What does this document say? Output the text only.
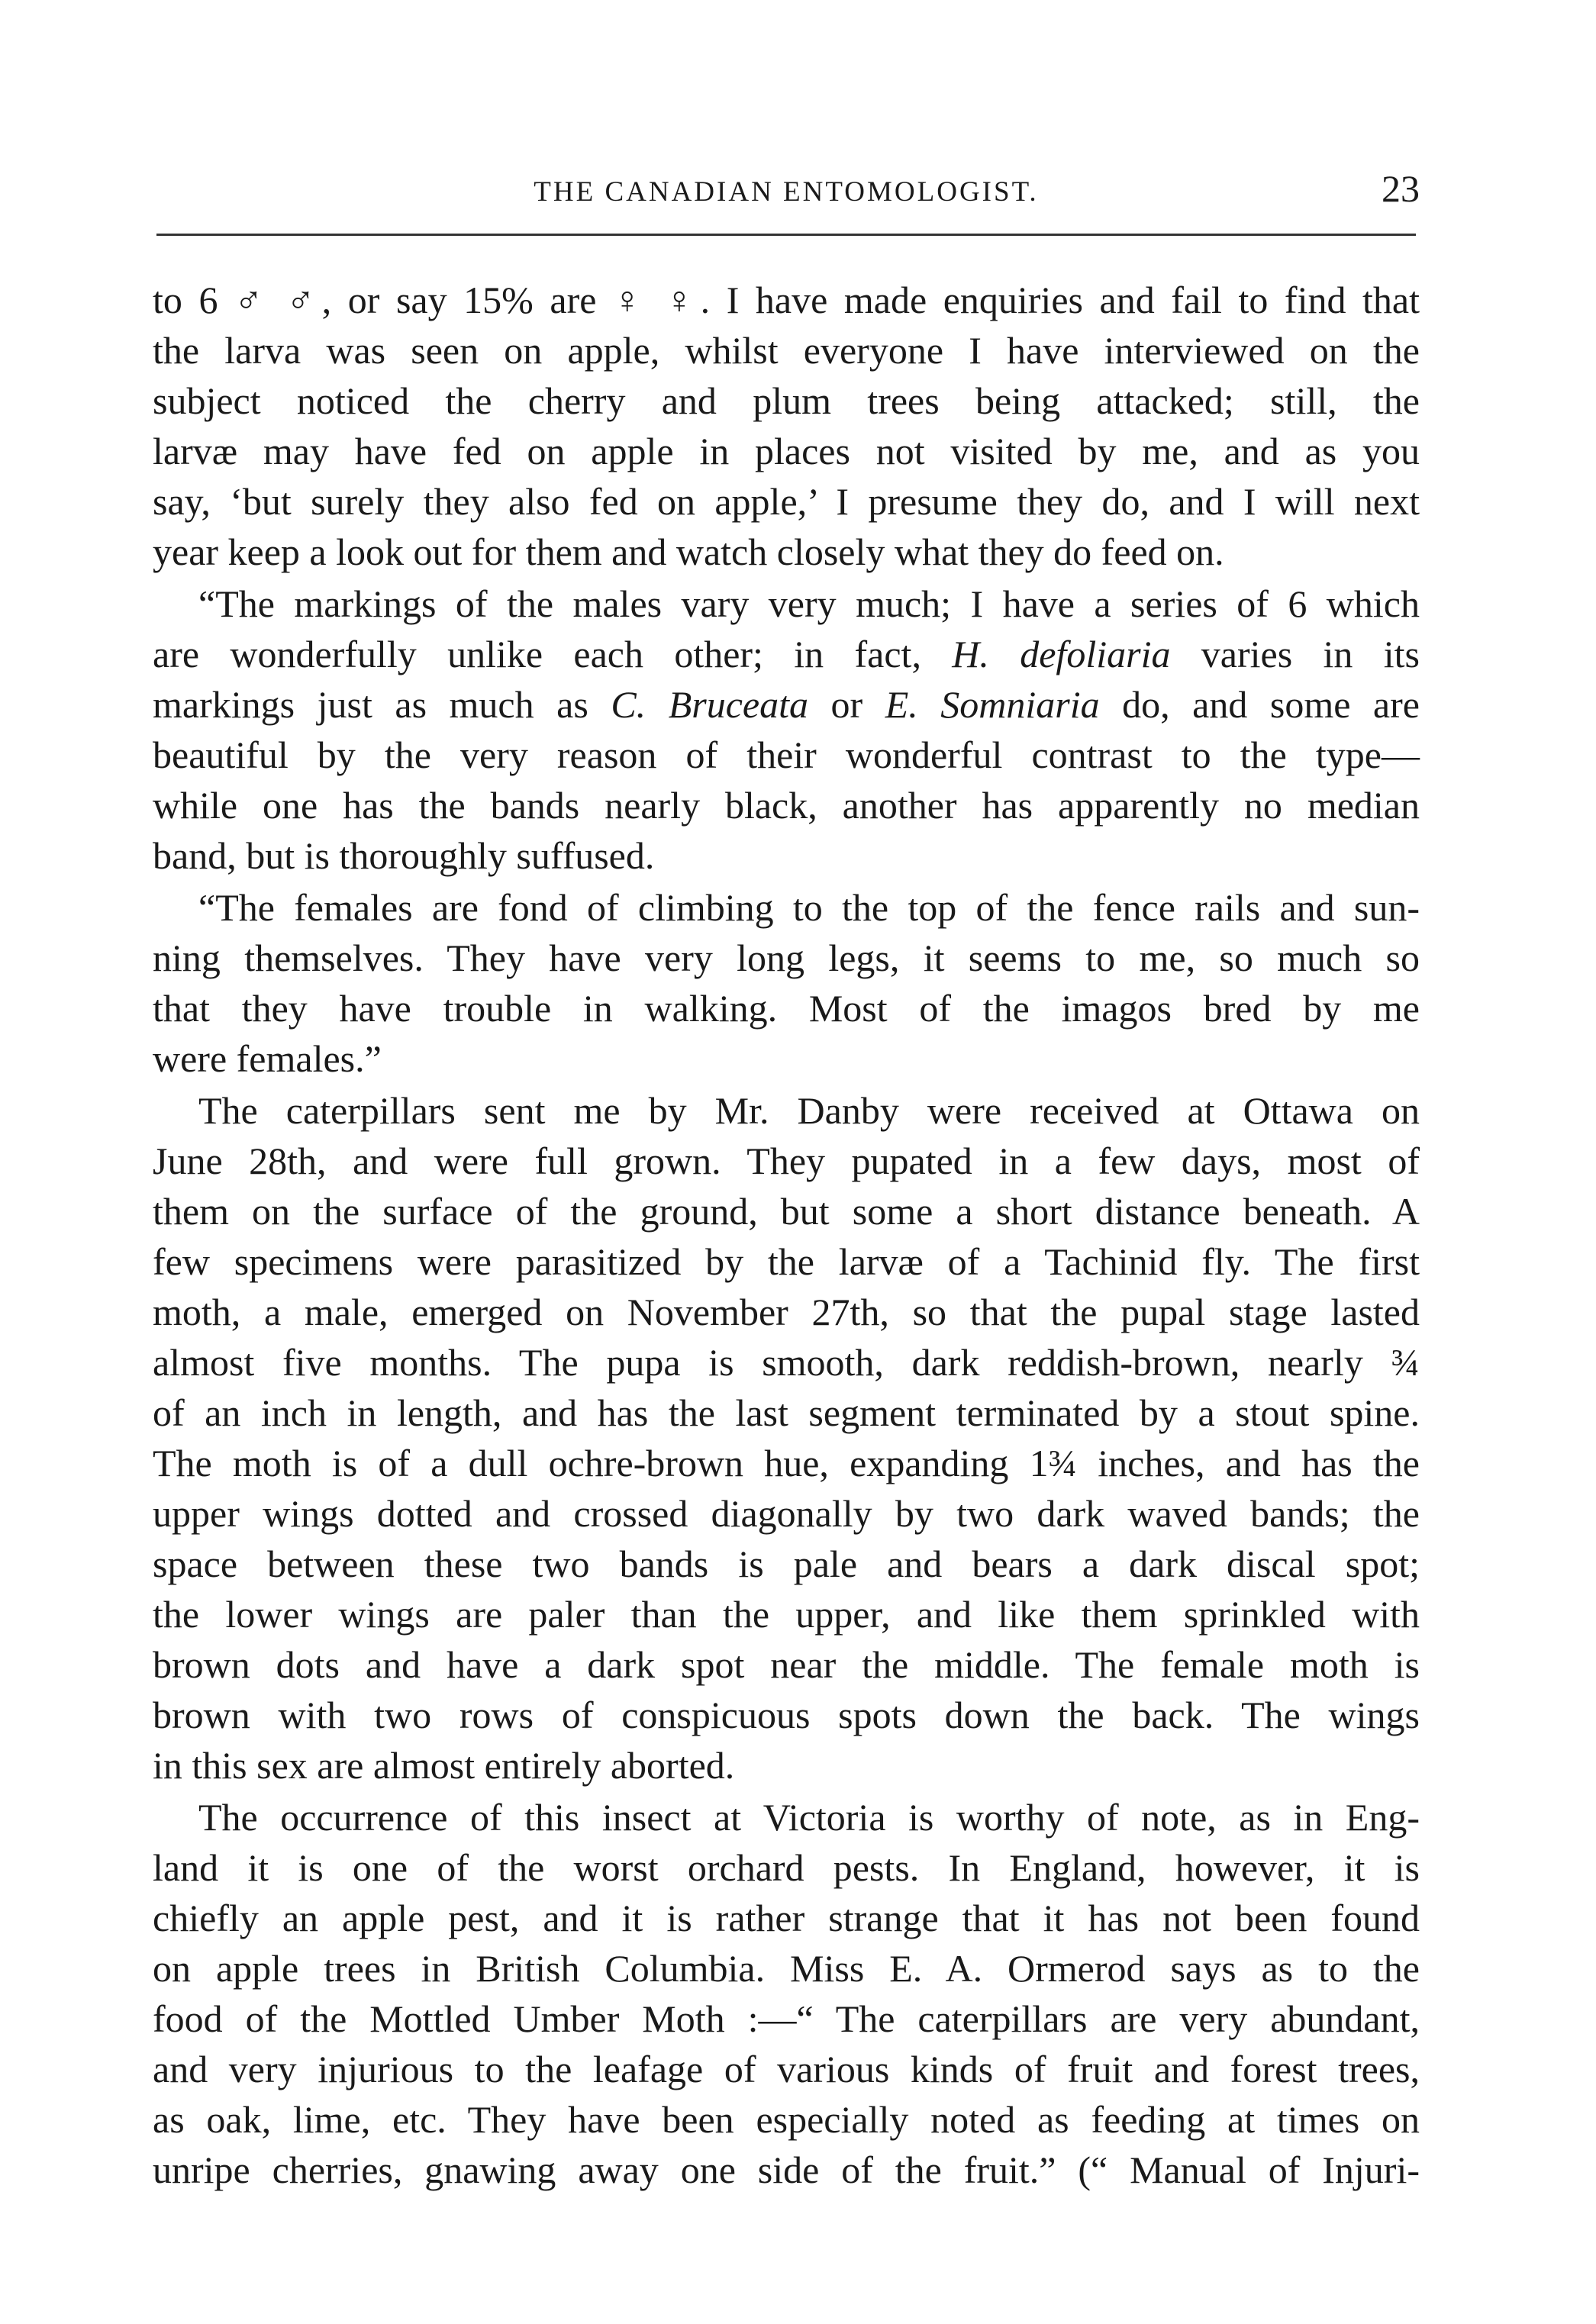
THE CANADIAN ENTOMOLOGIST.	23

to 6 ♂ ♂, or say 15% are ♀ ♀. I have made enquiries and fail to find that
the larva was seen on apple, whilst everyone I have interviewed on the
subject noticed the cherry and plum trees being attacked; still, the
larvæ may have fed on apple in places not visited by me, and as you
say, ‘but surely they also fed on apple,’ I presume they do, and I will next
year keep a look out for them and watch closely what they do feed on.

“The markings of the males vary very much; I have a series of 6 which
are wonderfully unlike each other; in fact, H. defoliaria varies in its
markings just as much as C. Bruceata or E. Somniaria do, and some are
beautiful by the very reason of their wonderful contrast to the type—
while one has the bands nearly black, another has apparently no median
band, but is thoroughly suffused.

“The females are fond of climbing to the top of the fence rails and sun-
ning themselves. They have very long legs, it seems to me, so much so
that they have trouble in walking. Most of the imagos bred by me
were females.”

The caterpillars sent me by Mr. Danby were received at Ottawa on
June 28th, and were full grown. They pupated in a few days, most of
them on the surface of the ground, but some a short distance beneath. A
few specimens were parasitized by the larvæ of a Tachinid fly. The first
moth, a male, emerged on November 27th, so that the pupal stage lasted
almost five months. The pupa is smooth, dark reddish-brown, nearly ¾
of an inch in length, and has the last segment terminated by a stout spine.
The moth is of a dull ochre-brown hue, expanding 1¾ inches, and has the
upper wings dotted and crossed diagonally by two dark waved bands; the
space between these two bands is pale and bears a dark discal spot;
the lower wings are paler than the upper, and like them sprinkled with
brown dots and have a dark spot near the middle. The female moth is
brown with two rows of conspicuous spots down the back. The wings
in this sex are almost entirely aborted.

The occurrence of this insect at Victoria is worthy of note, as in Eng-
land it is one of the worst orchard pests. In England, however, it is
chiefly an apple pest, and it is rather strange that it has not been found
on apple trees in British Columbia. Miss E. A. Ormerod says as to the
food of the Mottled Umber Moth :—“ The caterpillars are very abundant,
and very injurious to the leafage of various kinds of fruit and forest trees,
as oak, lime, etc. They have been especially noted as feeding at times on
unripe cherries, gnawing away one side of the fruit.” (“ Manual of Injuri-
